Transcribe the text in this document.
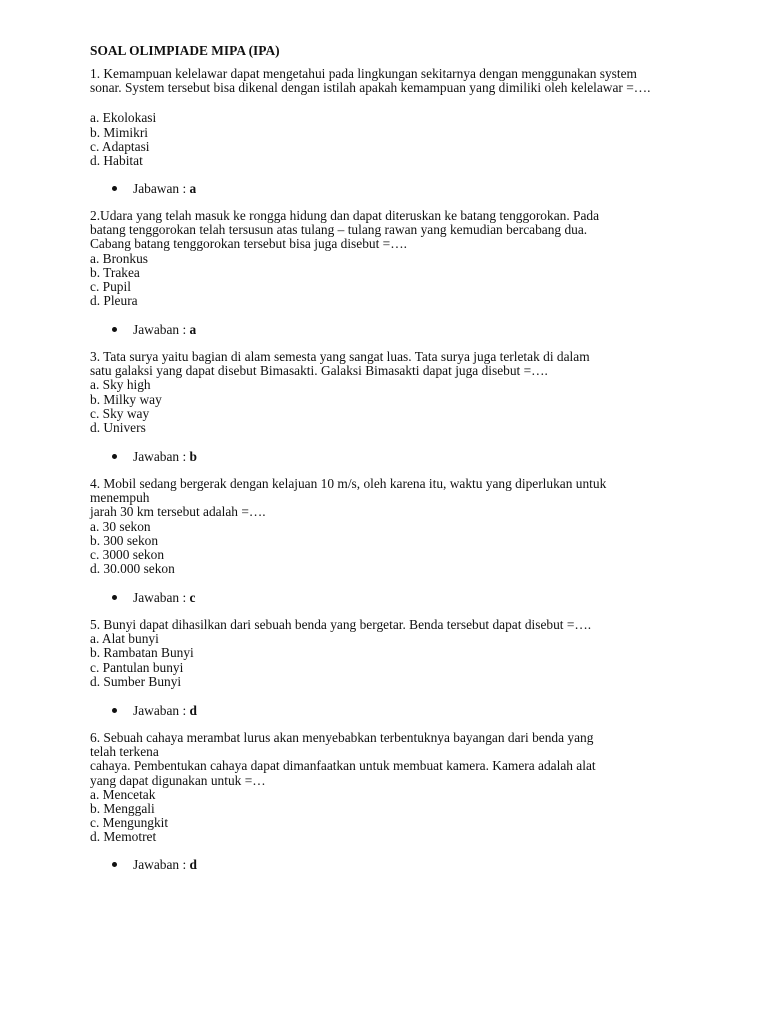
SOAL OLIMPIADE MIPA (IPA)

1. Kemampuan kelelawar dapat mengetahui pada lingkungan sekitarnya dengan menggunakan system

sonar. System tersebut bisa dikenal dengan istilah apakah kemampuan yang dimiliki oleh kelelawar =….

a. Ekolokasi
b. Mimikri
c. Adaptasi
d. Habitat
Jabawan : a

2.Udara yang telah masuk ke rongga hidung dan dapat diteruskan ke batang tenggorokan. Pada

batang tenggorokan telah tersusun atas tulang – tulang rawan yang kemudian bercabang dua.

Cabang batang tenggorokan tersebut bisa juga disebut =….

a. Bronkus
b. Trakea
c. Pupil
d. Pleura
Jawaban : a

3. Tata surya yaitu bagian di alam semesta yang sangat luas. Tata surya juga terletak di dalam

satu galaksi yang dapat disebut Bimasakti. Galaksi Bimasakti dapat juga disebut =….

a. Sky high
b. Milky way
c. Sky way
d. Univers
Jawaban : b

4. Mobil sedang bergerak dengan kelajuan 10 m/s, oleh karena itu, waktu yang diperlukan untuk

menempuh

jarah 30 km tersebut adalah =….

a. 30 sekon
b. 300 sekon
c. 3000 sekon
d. 30.000 sekon
Jawaban : c

5. Bunyi dapat dihasilkan dari sebuah benda yang bergetar. Benda tersebut dapat disebut =….

a. Alat bunyi
b. Rambatan Bunyi
c. Pantulan bunyi
d. Sumber Bunyi
Jawaban : d

6. Sebuah cahaya merambat lurus akan menyebabkan terbentuknya bayangan dari benda yang

telah terkena

cahaya. Pembentukan cahaya dapat dimanfaatkan untuk membuat kamera. Kamera adalah alat

yang dapat digunakan untuk =…

a. Mencetak
b. Menggali
c. Mengungkit
d. Memotret
Jawaban : d
